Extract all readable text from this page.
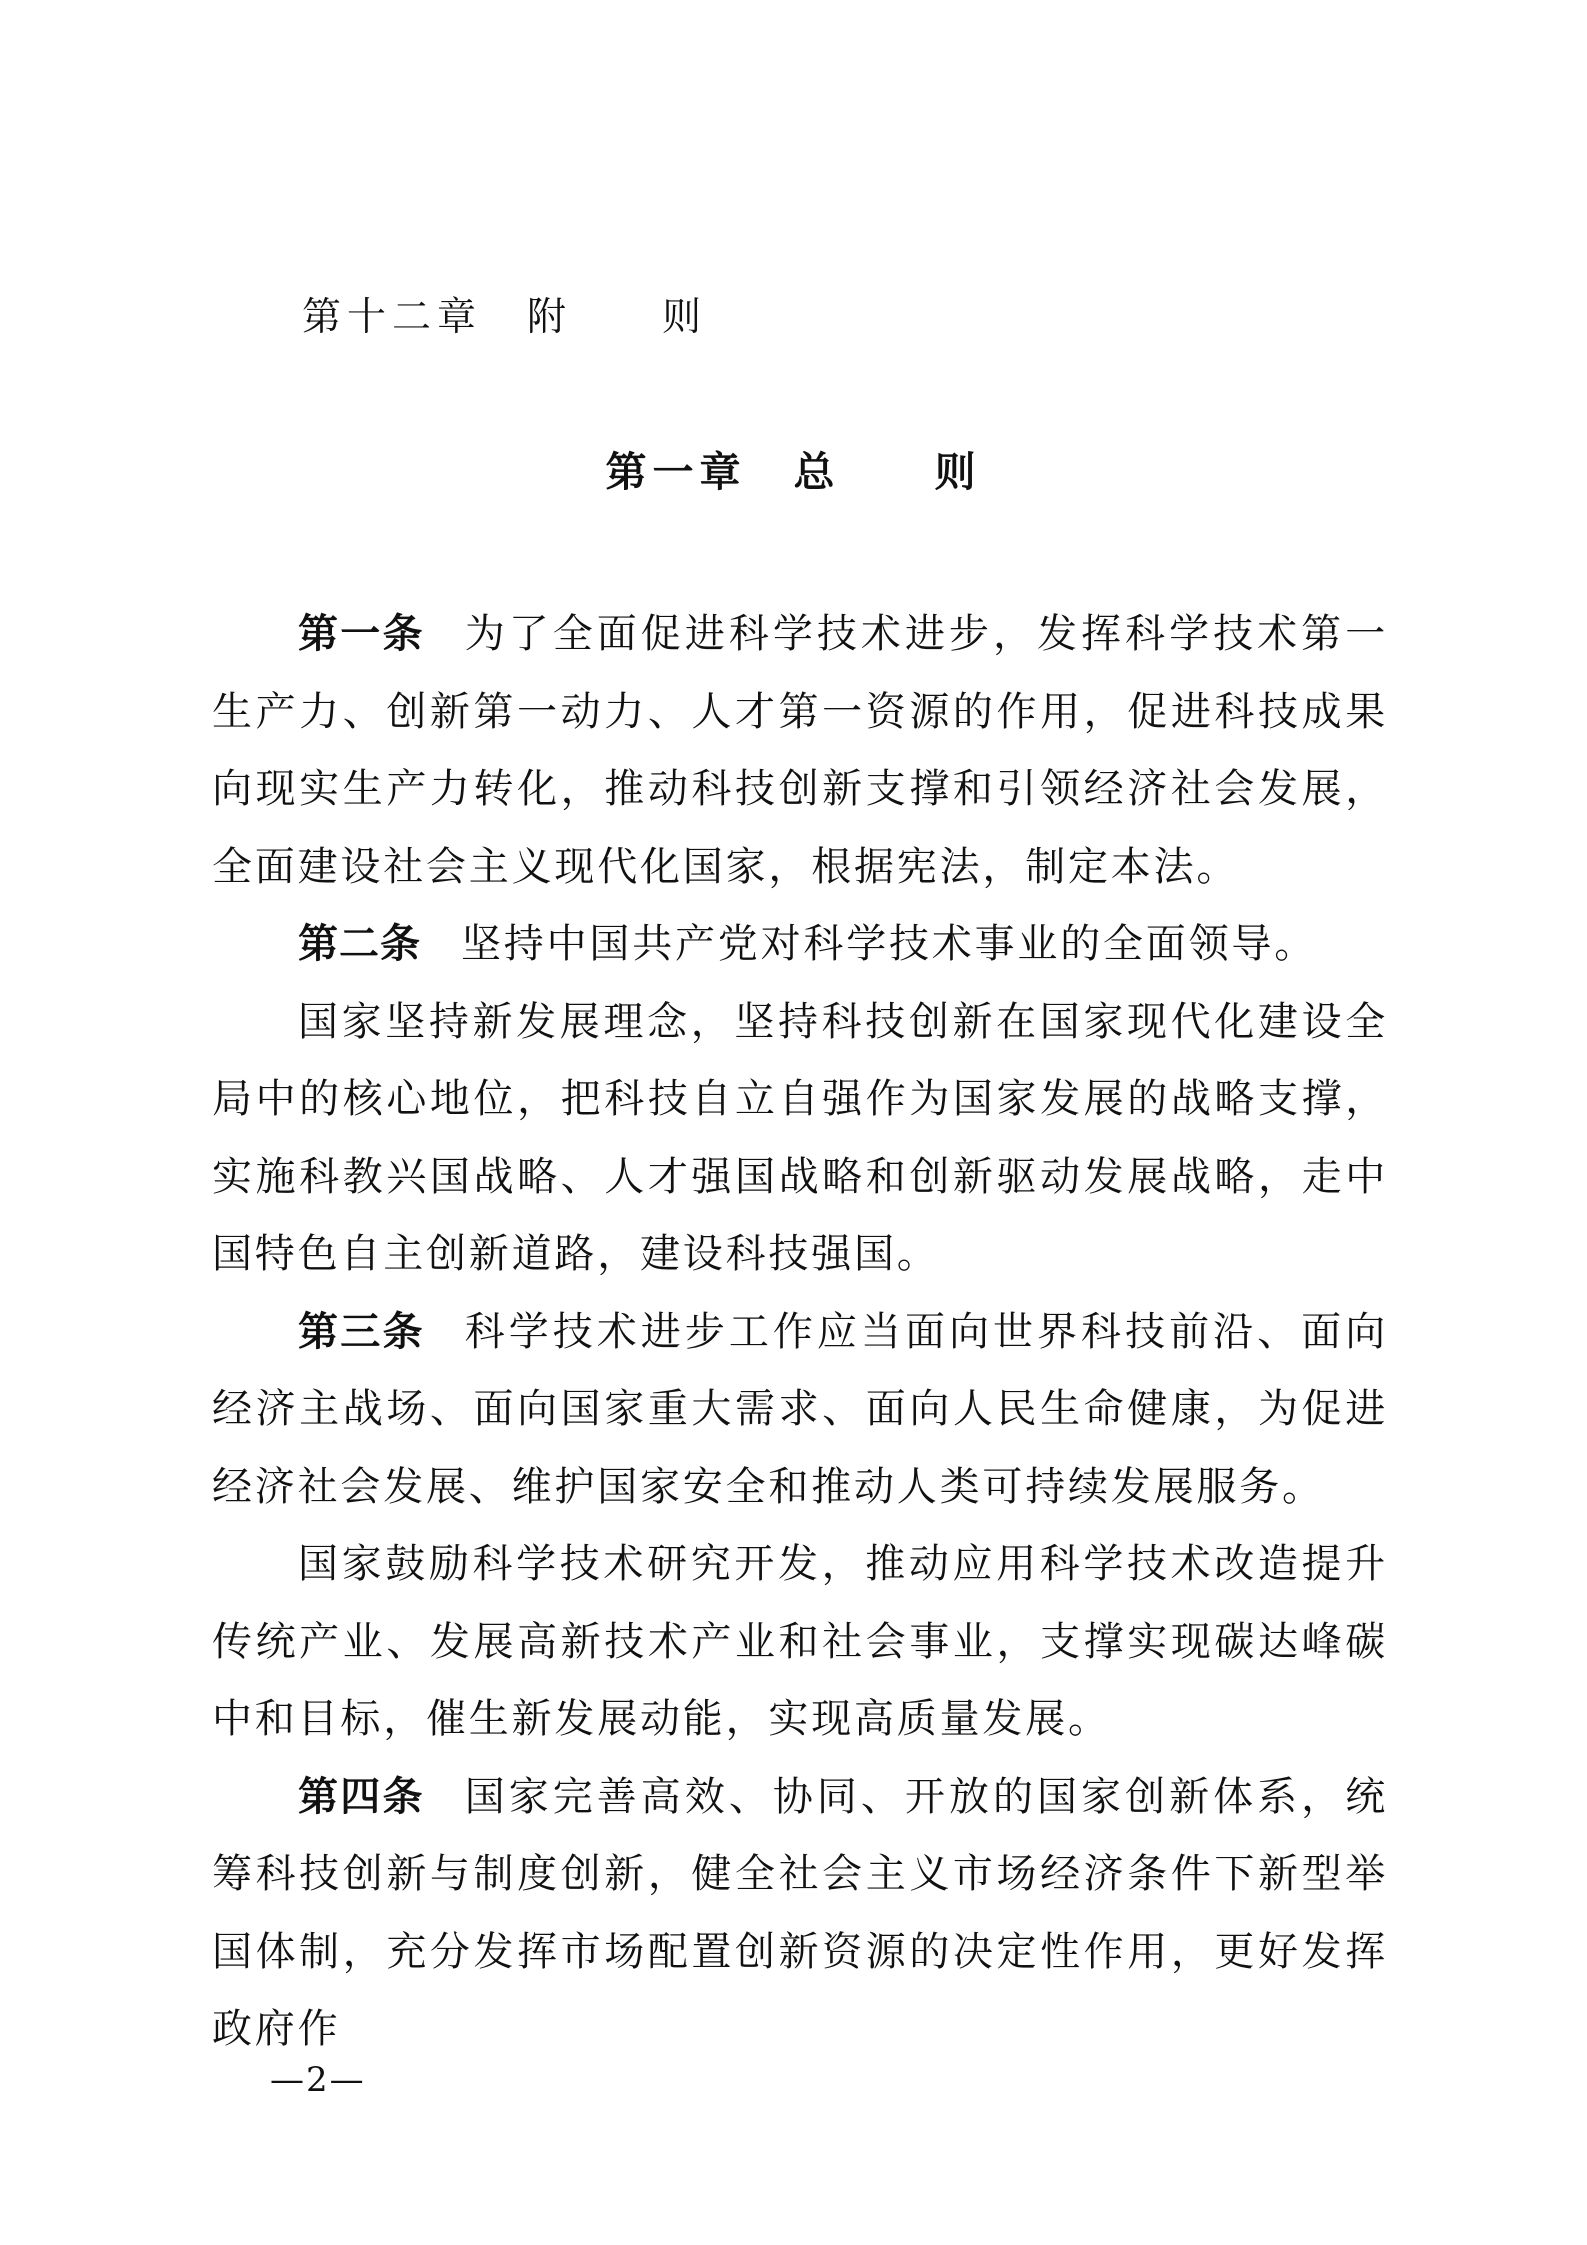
第十二章　附　　则
第一章　总　　则

第一条 为了全面促进科学技术进步，发挥科学技术第一生产力、创新第一动力、人才第一资源的作用，促进科技成果向现实生产力转化，推动科技创新支撑和引领经济社会发展，全面建设社会主义现代化国家，根据宪法，制定本法。

第二条 坚持中国共产党对科学技术事业的全面领导。

国家坚持新发展理念，坚持科技创新在国家现代化建设全局中的核心地位，把科技自立自强作为国家发展的战略支撑，实施科教兴国战略、人才强国战略和创新驱动发展战略，走中国特色自主创新道路，建设科技强国。

第三条 科学技术进步工作应当面向世界科技前沿、面向经济主战场、面向国家重大需求、面向人民生命健康，为促进经济社会发展、维护国家安全和推动人类可持续发展服务。

国家鼓励科学技术研究开发，推动应用科学技术改造提升传统产业、发展高新技术产业和社会事业，支撑实现碳达峰碳中和目标，催生新发展动能，实现高质量发展。

第四条 国家完善高效、协同、开放的国家创新体系，统筹科技创新与制度创新，健全社会主义市场经济条件下新型举国体制，充分发挥市场配置创新资源的决定性作用，更好发挥政府作

—2—
